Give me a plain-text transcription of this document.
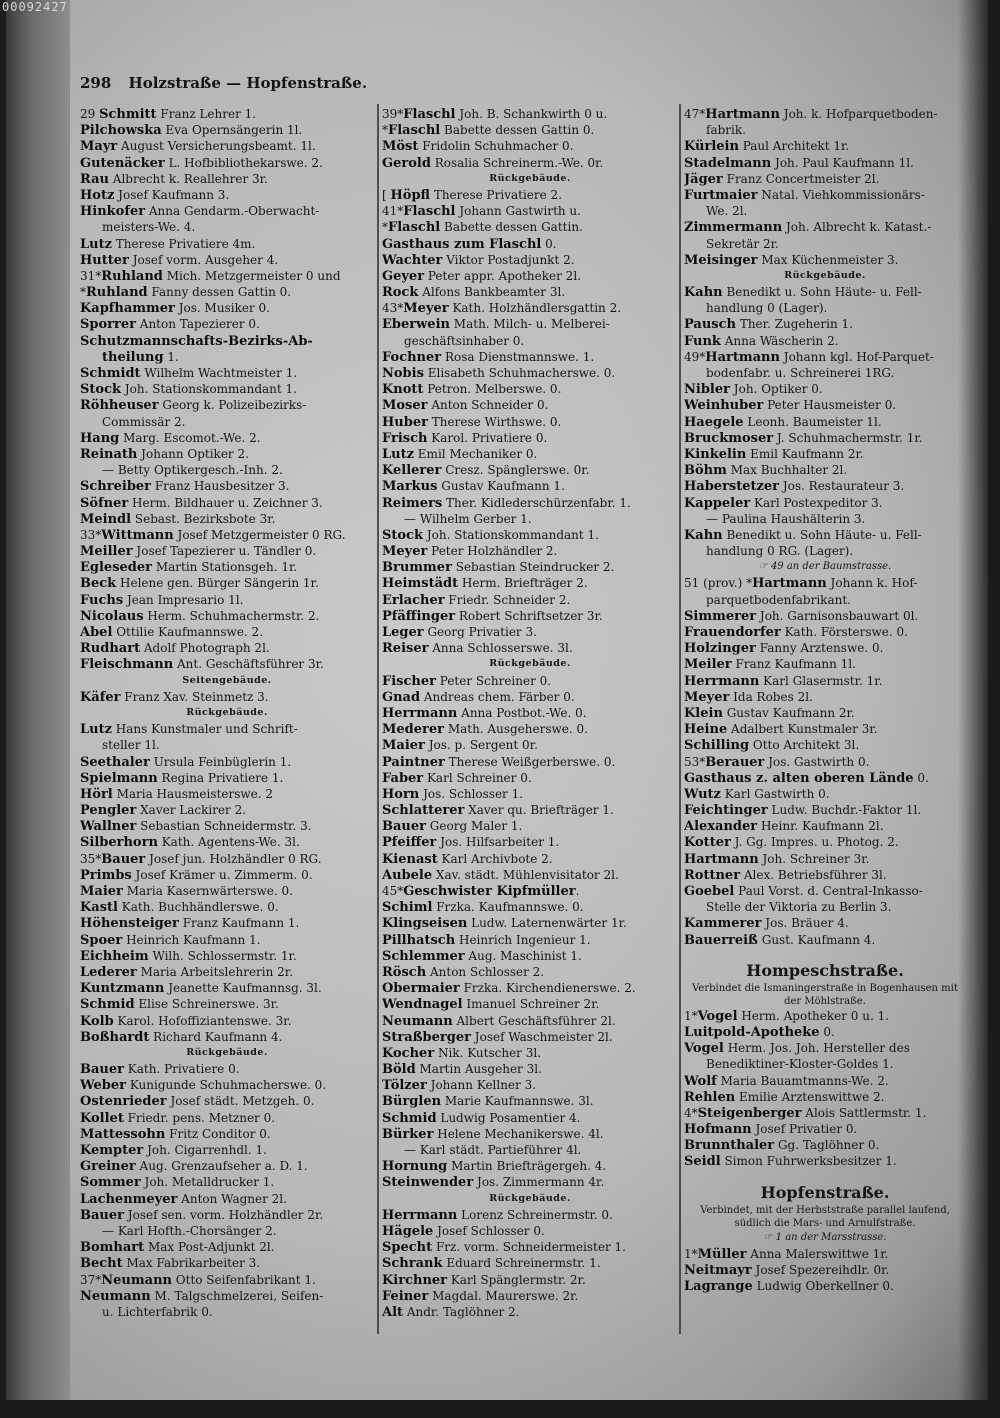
298 Holzstraße — Hopfenstraße.
29 Schmitt Franz Lehrer 1.
Pilchowska Eva Opernsängerin 1l.
Mayr August Versicherungsbeamt. 1l.
Gutenäcker L. Hofbibliothekarswe. 2.
Rau Albrecht k. Reallehrer 3r.
Hotz Josef Kaufmann 3.
Hinkofer Anna Gendarm.-Oberwacht-
meisters-We. 4.
Lutz Therese Privatiere 4m.
Hutter Josef vorm. Ausgeher 4.
31*Ruhland Mich. Metzgermeister 0 und
*Ruhland Fanny dessen Gattin 0.
Kapfhammer Jos. Musiker 0.
Sporrer Anton Tapezierer 0.
Schutzmannschafts-Bezirks-Ab-
theilung 1.
Schmidt Wilhelm Wachtmeister 1.
Stock Joh. Stationskommandant 1.
Röhheuser Georg k. Polizeibezirks-
Commissär 2.
Hang Marg. Escomot.-We. 2.
Reinath Johann Optiker 2.
— Betty Optikergesch.-Inh. 2.
Schreiber Franz Hausbesitzer 3.
Söfner Herm. Bildhauer u. Zeichner 3.
Meindl Sebast. Bezirksbote 3r.
33*Wittmann Josef Metzgermeister 0 RG.
Meiller Josef Tapezierer u. Tändler 0.
Egleseder Martin Stationsgeh. 1r.
Beck Helene gen. Bürger Sängerin 1r.
Fuchs Jean Impresario 1l.
Nicolaus Herm. Schuhmachermstr. 2.
Abel Ottilie Kaufmannswe. 2.
Rudhart Adolf Photograph 2l.
Fleischmann Ant. Geschäftsführer 3r.
Seitengebäude.
Käfer Franz Xav. Steinmetz 3.
Rückgebäude.
Lutz Hans Kunstmaler und Schrift-
steller 1l.
Seethaler Ursula Feinbüglerin 1.
Spielmann Regina Privatiere 1.
Hörl Maria Hausmeisterswe. 2
Pengler Xaver Lackirer 2.
Wallner Sebastian Schneidermstr. 3.
Silberhorn Kath. Agentens-We. 3l.
35*Bauer Josef jun. Holzhändler 0 RG.
Primbs Josef Krämer u. Zimmerm. 0.
Maier Maria Kasernwärterswe. 0.
Kastl Kath. Buchhändlerswe. 0.
Höhensteiger Franz Kaufmann 1.
Spoer Heinrich Kaufmann 1.
Eichheim Wilh. Schlossermstr. 1r.
Lederer Maria Arbeitslehrerin 2r.
Kuntzmann Jeanette Kaufmannsg. 3l.
Schmid Elise Schreinerswe. 3r.
Kolb Karol. Hofoffiziantenswe. 3r.
Boßhardt Richard Kaufmann 4.
Rückgebäude.
Bauer Kath. Privatiere 0.
Weber Kunigunde Schuhmacherswe. 0.
Ostenrieder Josef städt. Metzgeh. 0.
Kollet Friedr. pens. Metzner 0.
Mattessohn Fritz Conditor 0.
Kempter Joh. Cigarrenhdl. 1.
Greiner Aug. Grenzaufseher a. D. 1.
Sommer Joh. Metalldrucker 1.
Lachenmeyer Anton Wagner 2l.
Bauer Josef sen. vorm. Holzhändler 2r.
— Karl Hofth.-Chorsänger 2.
Bomhart Max Post-Adjunkt 2l.
Becht Max Fabrikarbeiter 3.
37*Neumann Otto Seifenfabrikant 1.
Neumann M. Talgschmelzerei, Seifen-
u. Lichterfabrik 0.
39*Flaschl Joh. B. Schankwirth 0 u.
*Flaschl Babette dessen Gattin 0.
Möst Fridolin Schuhmacher 0.
Gerold Rosalia Schreinerm.-We. 0r.
Rückgebäude.
[ Höpfl Therese Privatiere 2.
41*Flaschl Johann Gastwirth u.
*Flaschl Babette dessen Gattin.
Gasthaus zum Flaschl 0.
Wachter Viktor Postadjunkt 2.
Geyer Peter appr. Apotheker 2l.
Rock Alfons Bankbeamter 3l.
43*Meyer Kath. Holzhändlersgattin 2.
Eberwein Math. Milch- u. Melberei-
geschäftsinhaber 0.
Fochner Rosa Dienstmannswe. 1.
Nobis Elisabeth Schuhmacherswe. 0.
Knott Petron. Melberswe. 0.
Moser Anton Schneider 0.
Huber Therese Wirthswe. 0.
Frisch Karol. Privatiere 0.
Lutz Emil Mechaniker 0.
Kellerer Cresz. Spänglerswe. 0r.
Markus Gustav Kaufmann 1.
Reimers Ther. Kidlederschürzenfabr. 1.
— Wilhelm Gerber 1.
Stock Joh. Stationskommandant 1.
Meyer Peter Holzhändler 2.
Brummer Sebastian Steindrucker 2.
Heimstädt Herm. Briefträger 2.
Erlacher Friedr. Schneider 2.
Pfäffinger Robert Schriftsetzer 3r.
Leger Georg Privatier 3.
Reiser Anna Schlosserswe. 3l.
Rückgebäude.
Fischer Peter Schreiner 0.
Gnad Andreas chem. Färber 0.
Herrmann Anna Postbot.-We. 0.
Mederer Math. Ausgeherswe. 0.
Maier Jos. p. Sergent 0r.
Paintner Therese Weißgerberswe. 0.
Faber Karl Schreiner 0.
Horn Jos. Schlosser 1.
Schlatterer Xaver qu. Briefträger 1.
Bauer Georg Maler 1.
Pfeiffer Jos. Hilfsarbeiter 1.
Kienast Karl Archivbote 2.
Aubele Xav. städt. Mühlenvisitator 2l.
45*Geschwister Kipfmüller.
Schiml Frzka. Kaufmannswe. 0.
Klingseisen Ludw. Laternenwärter 1r.
Pillhatsch Heinrich Ingenieur 1.
Schlemmer Aug. Maschinist 1.
Rösch Anton Schlosser 2.
Obermaier Frzka. Kirchendienerswe. 2.
Wendnagel Imanuel Schreiner 2r.
Neumann Albert Geschäftsführer 2l.
Straßberger Josef Waschmeister 2l.
Kocher Nik. Kutscher 3l.
Böld Martin Ausgeher 3l.
Tölzer Johann Kellner 3.
Bürglen Marie Kaufmannswe. 3l.
Schmid Ludwig Posamentier 4.
Bürker Helene Mechanikerswe. 4l.
— Karl städt. Partieführer 4l.
Hornung Martin Briefträgergeh. 4.
Steinwender Jos. Zimmermann 4r.
Rückgebäude.
Herrmann Lorenz Schreinermstr. 0.
Hägele Josef Schlosser 0.
Specht Frz. vorm. Schneidermeister 1.
Schrank Eduard Schreinermstr. 1.
Kirchner Karl Spänglermstr. 2r.
Feiner Magdal. Maurerswe. 2r.
Alt Andr. Taglöhner 2.
47*Hartmann Joh. k. Hofparquetboden-
fabrik.
Kürlein Paul Architekt 1r.
Stadelmann Joh. Paul Kaufmann 1l.
Jäger Franz Concertmeister 2l.
Furtmaier Natal. Viehkommissionärs-
We. 2l.
Zimmermann Joh. Albrecht k. Katast.-
Sekretär 2r.
Meisinger Max Küchenmeister 3.
Rückgebäude.
Kahn Benedikt u. Sohn Häute- u. Fell-
handlung 0 (Lager).
Pausch Ther. Zugeherin 1.
Funk Anna Wäscherin 2.
49*Hartmann Johann kgl. Hof-Parquet-
bodenfabr. u. Schreinerei 1RG.
Nibler Joh. Optiker 0.
Weinhuber Peter Hausmeister 0.
Haegele Leonh. Baumeister 1l.
Bruckmoser J. Schuhmachermstr. 1r.
Kinkelin Emil Kaufmann 2r.
Böhm Max Buchhalter 2l.
Haberstetzer Jos. Restaurateur 3.
Kappeler Karl Postexpeditor 3.
— Paulina Haushälterin 3.
Kahn Benedikt u. Sohn Häute- u. Fell-
handlung 0 RG. (Lager).
☞ 49 an der Baumstrasse.
51 (prov.) *Hartmann Johann k. Hof-
parquetbodenfabrikant.
Simmerer Joh. Garnisonsbauwart 0l.
Frauendorfer Kath. Försterswe. 0.
Holzinger Fanny Arztenswe. 0.
Meiler Franz Kaufmann 1l.
Herrmann Karl Glasermstr. 1r.
Meyer Ida Robes 2l.
Klein Gustav Kaufmann 2r.
Heine Adalbert Kunstmaler 3r.
Schilling Otto Architekt 3l.
53*Berauer Jos. Gastwirth 0.
Gasthaus z. alten oberen Lände 0.
Wutz Karl Gastwirth 0.
Feichtinger Ludw. Buchdr.-Faktor 1l.
Alexander Heinr. Kaufmann 2l.
Kotter J. Gg. Impres. u. Photog. 2.
Hartmann Joh. Schreiner 3r.
Rottner Alex. Betriebsführer 3l.
Goebel Paul Vorst. d. Central-Inkasso-
Stelle der Viktoria zu Berlin 3.
Kammerer Jos. Bräuer 4.
Bauerreiß Gust. Kaufmann 4.
Hompeschstraße.
Verbindet die Ismaningerstraße in Bogenhausen mit
der Möhlstraße.
1*Vogel Herm. Apotheker 0 u. 1.
Luitpold-Apotheke 0.
Vogel Herm. Jos. Joh. Hersteller des
Benediktiner-Kloster-Goldes 1.
Wolf Maria Bauamtmanns-We. 2.
Rehlen Emilie Arztenswittwe 2.
4*Steigenberger Alois Sattlermstr. 1.
Hofmann Josef Privatier 0.
Brunnthaler Gg. Taglöhner 0.
Seidl Simon Fuhrwerksbesitzer 1.
Hopfenstraße.
Verbindet, mit der Herbststraße parallel laufend,
südlich die Mars- und Arnulfstraße.
☞ 1 an der Marsstrasse.
1*Müller Anna Malerswittwe 1r.
Neitmayr Josef Spezereihdlr. 0r.
Lagrange Ludwig Oberkellner 0.
00092427
